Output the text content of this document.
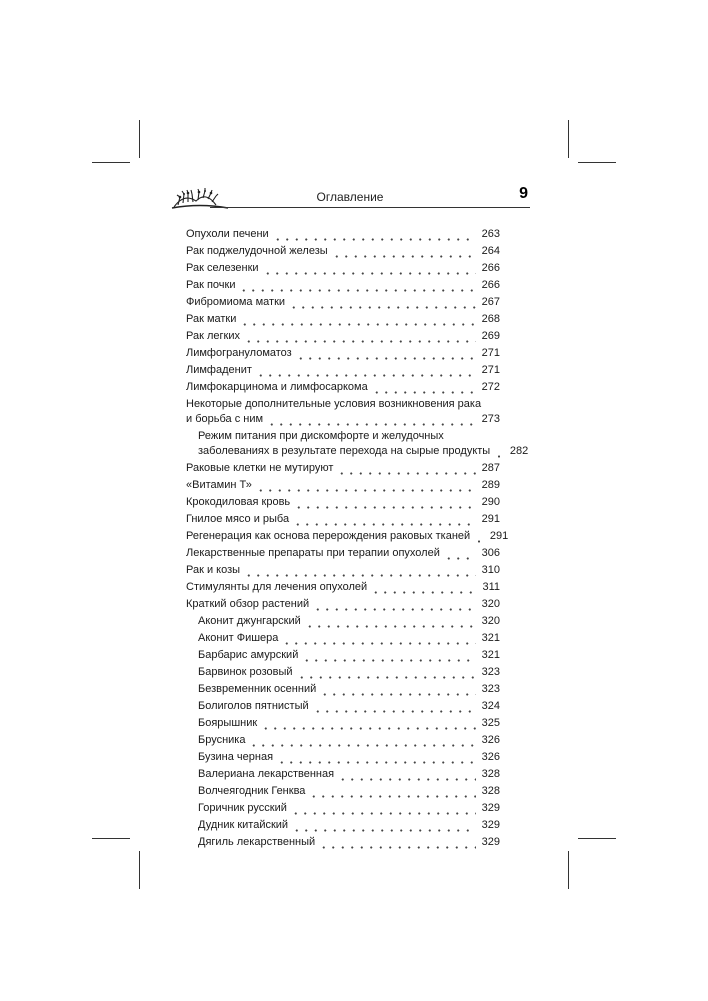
Оглавление	9
Опухоли печени	263
Рак поджелудочной железы	264
Рак селезенки	266
Рак почки	266
Фибромиома матки	267
Рак матки	268
Рак легких	269
Лимфогрануломатоз	271
Лимфаденит	271
Лимфокарцинома и лимфосаркома	272
Некоторые дополнительные условия возникновения рака
и борьба с ним	273
Режим питания при дискомфорте и желудочных
заболеваниях в результате перехода на сырые продукты 282
Раковые клетки не мутируют	287
«Витамин Т»	289
Крокодиловая кровь	290
Гнилое мясо и рыба	291
Регенерация как основа перерождения раковых тканей 291
Лекарственные препараты при терапии опухолей	306
Рак и козы	310
Стимулянты для лечения опухолей	311
Краткий обзор растений	320
Аконит джунгарский	320
Аконит Фишера	321
Барбарис амурский	321
Барвинок розовый	323
Безвременник осенний	323
Болиголов пятнистый	324
Боярышник	325
Брусника	326
Бузина черная	326
Валериана лекарственная	328
Волчеягодник Генква	328
Горичник русский	329
Дудник китайский	329
Дягиль лекарственный	329
